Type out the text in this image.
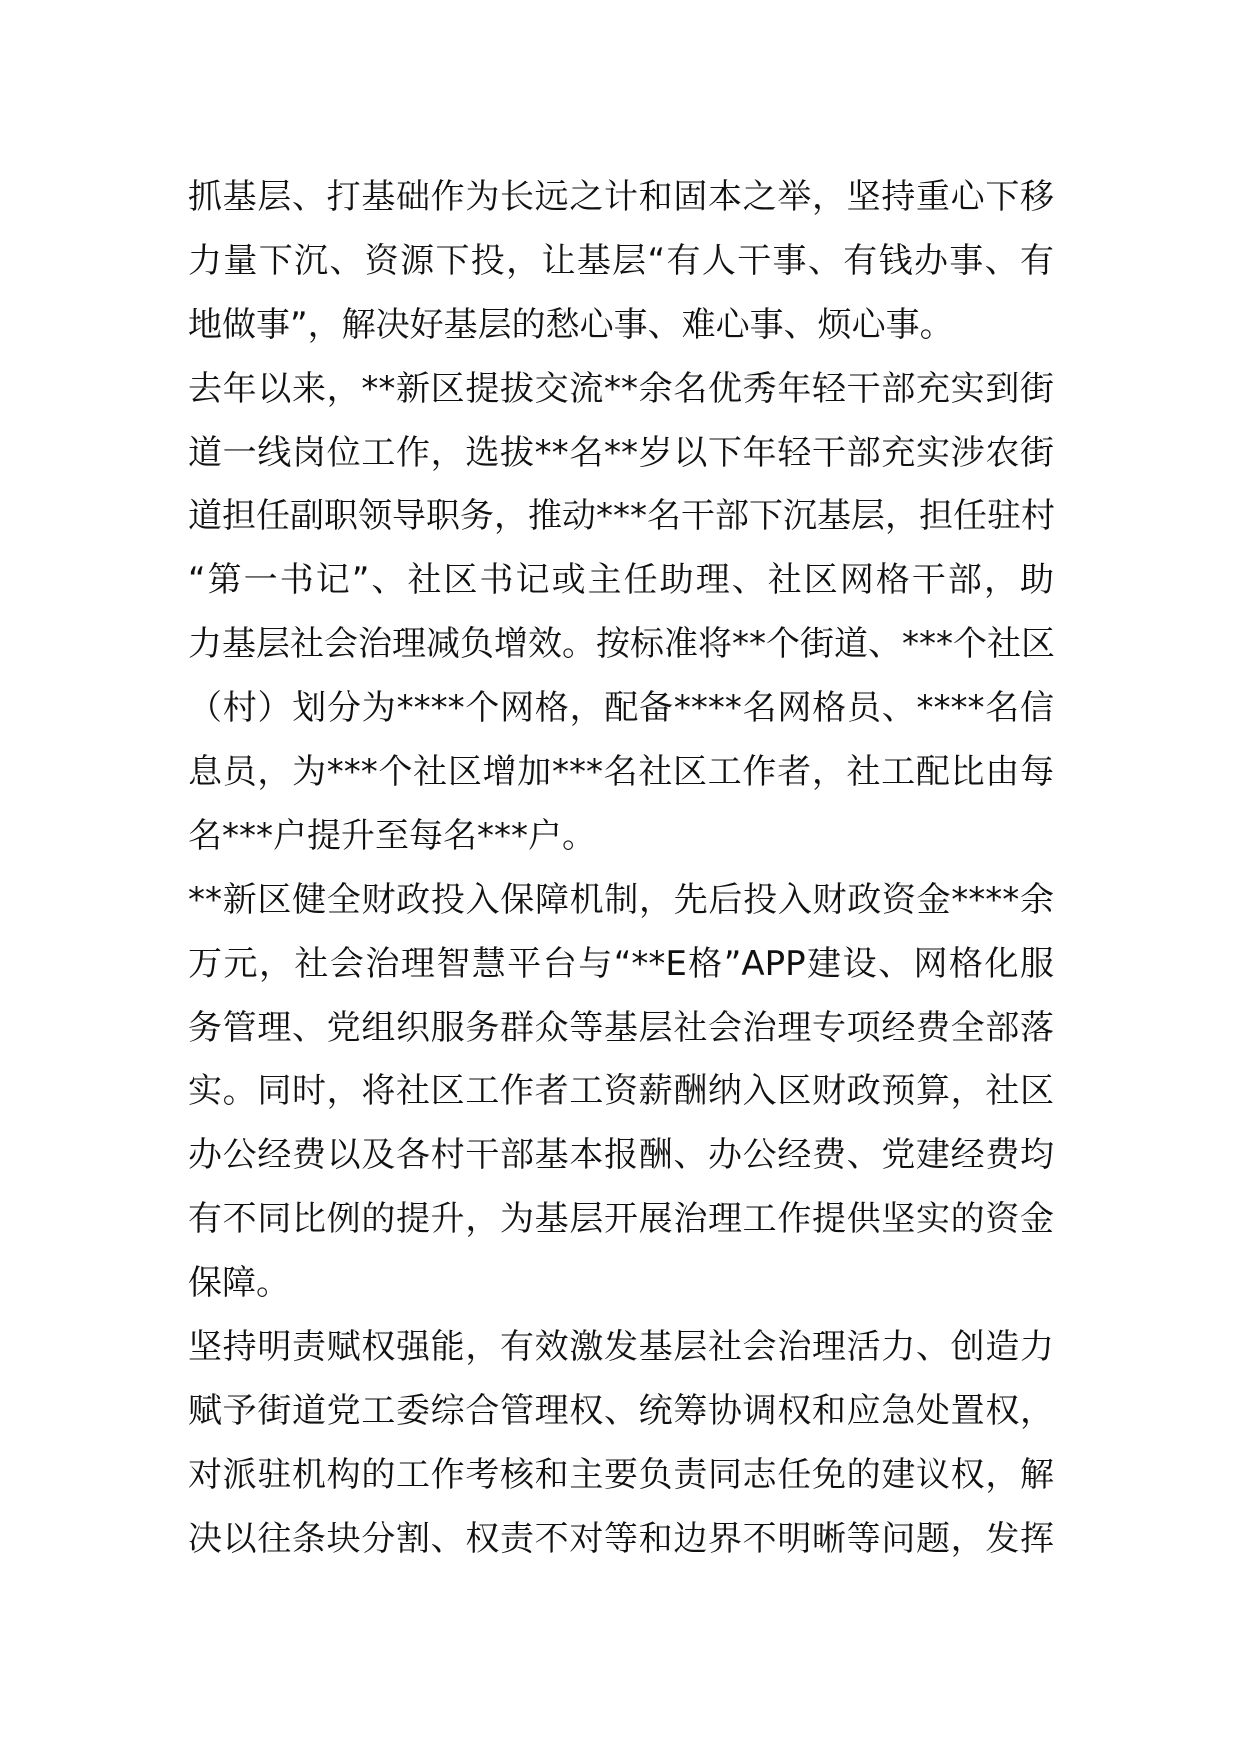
抓基层、打基础作为长远之计和固本之举，坚持重心下移
力量下沉、资源下投，让基层“有人干事、有钱办事、有
地做事”，解决好基层的愁心事、难心事、烦心事。
去年以来，**新区提拔交流**余名优秀年轻干部充实到街
道一线岗位工作，选拔**名**岁以下年轻干部充实涉农街
道担任副职领导职务，推动***名干部下沉基层，担任驻村
“第一书记”、社区书记或主任助理、社区网格干部，助
力基层社会治理减负增效。按标准将**个街道、***个社区
（村）划分为****个网格，配备****名网格员、****名信
息员，为***个社区增加***名社区工作者，社工配比由每
名***户提升至每名***户。
**新区健全财政投入保障机制，先后投入财政资金****余
万元，社会治理智慧平台与“**E格”APP建设、网格化服
务管理、党组织服务群众等基层社会治理专项经费全部落
实。同时，将社区工作者工资薪酬纳入区财政预算，社区
办公经费以及各村干部基本报酬、办公经费、党建经费均
有不同比例的提升，为基层开展治理工作提供坚实的资金
保障。
坚持明责赋权强能，有效激发基层社会治理活力、创造力
赋予街道党工委综合管理权、统筹协调权和应急处置权，
对派驻机构的工作考核和主要负责同志任免的建议权，解
决以往条块分割、权责不对等和边界不明晰等问题，发挥
